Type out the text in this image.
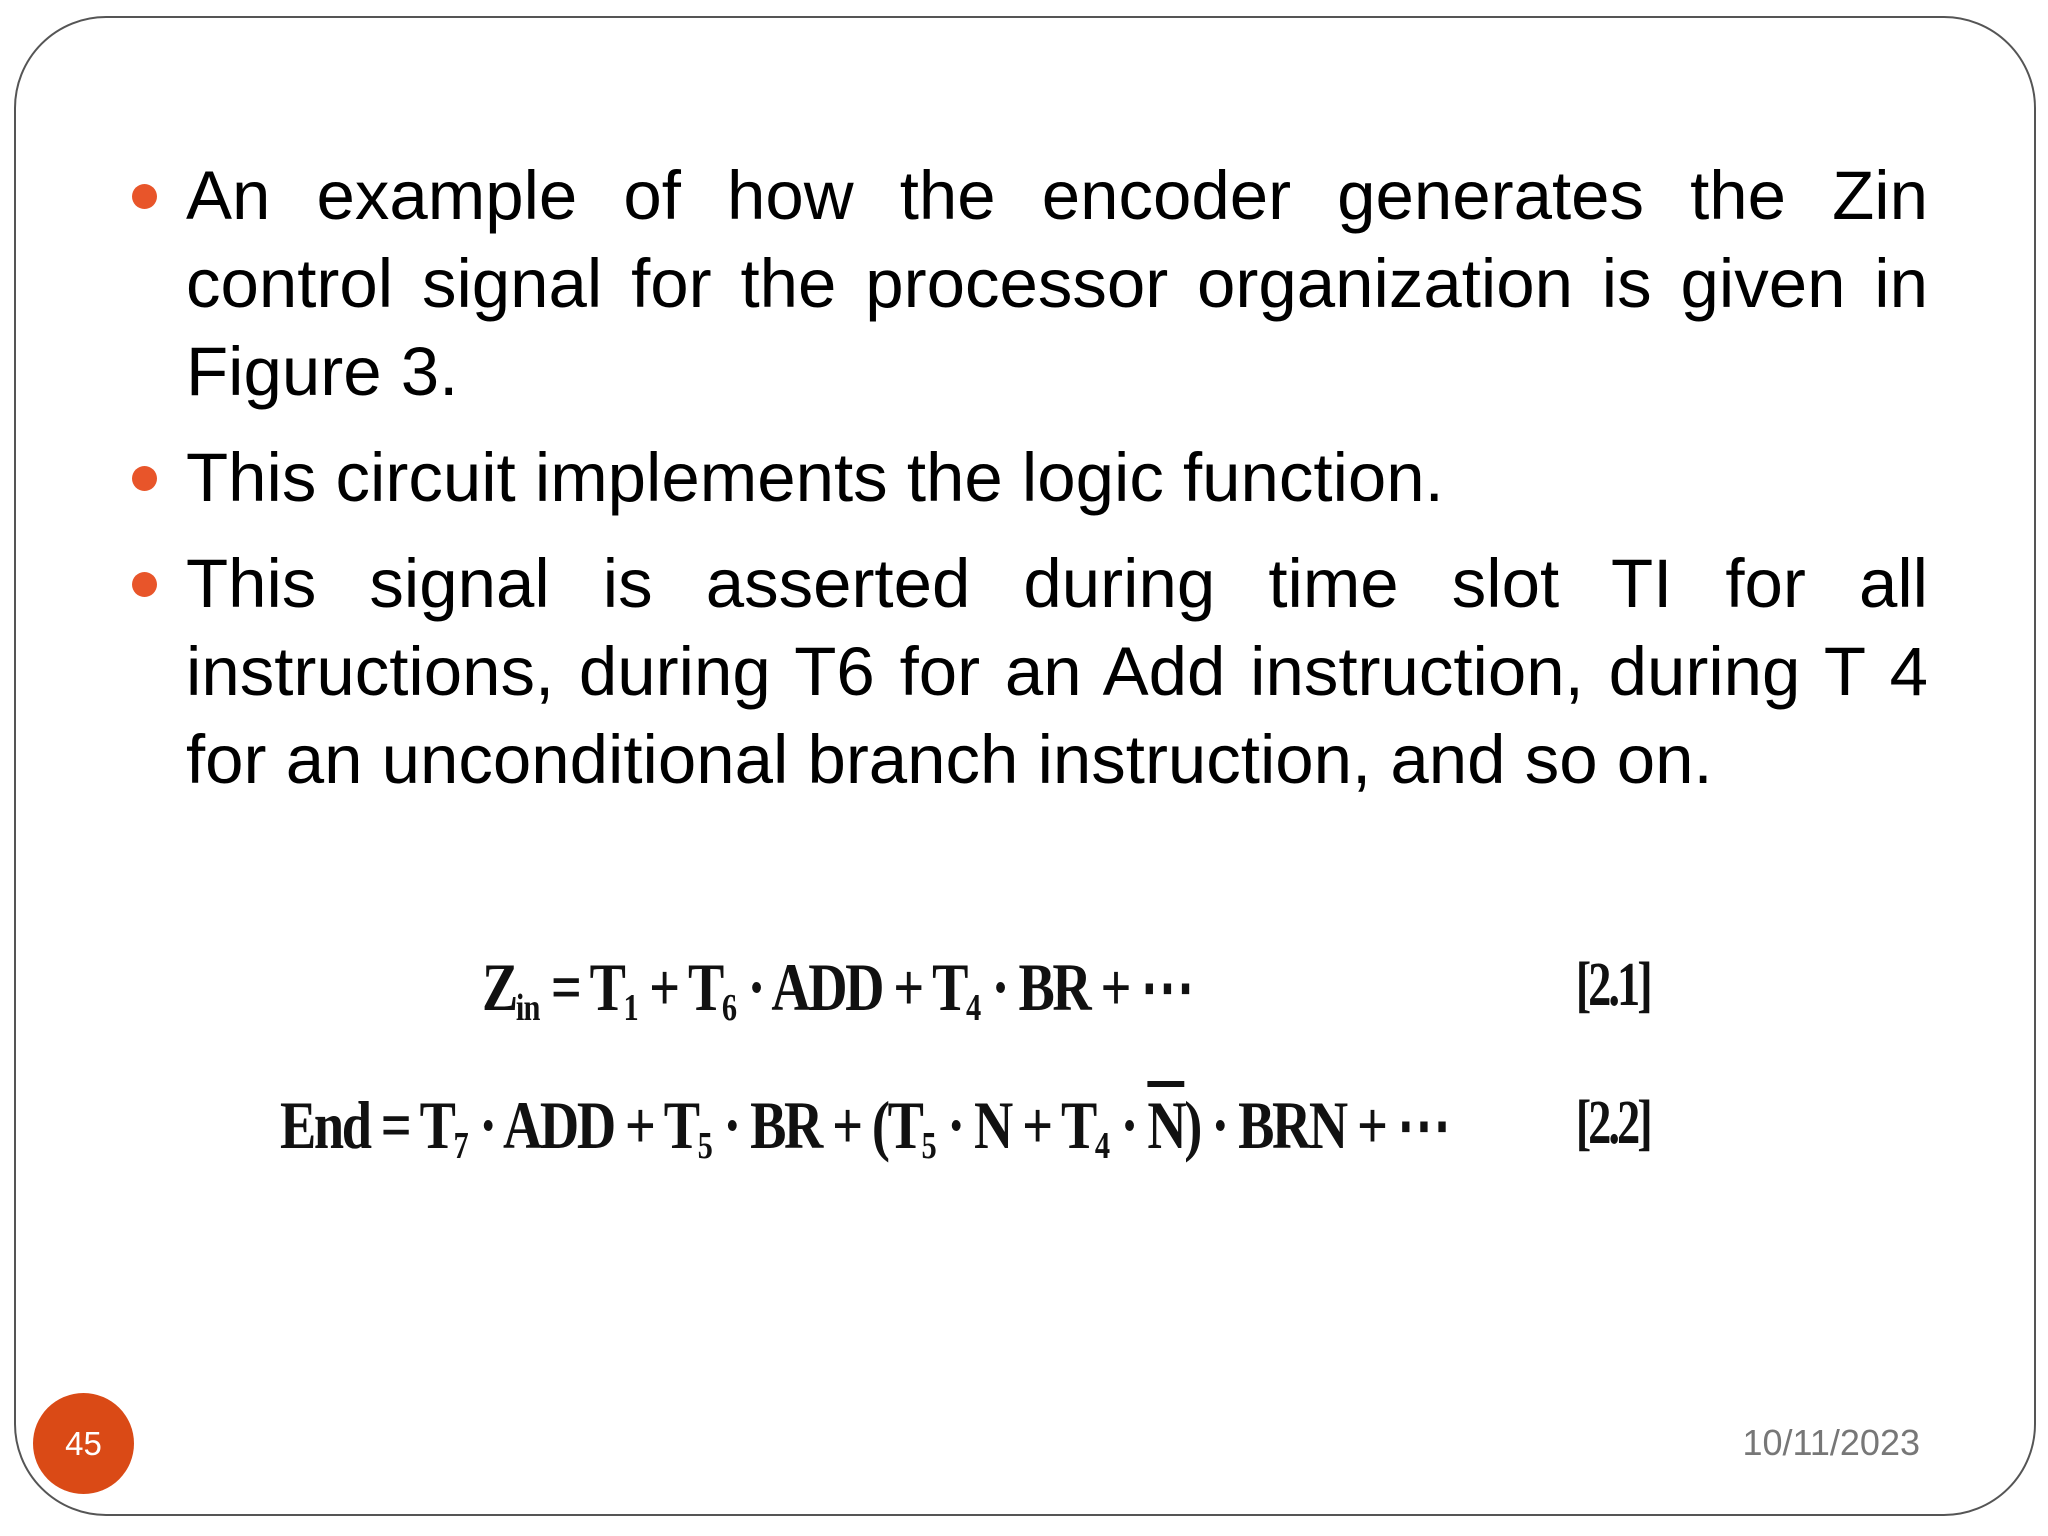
An example of how the encoder generates the Zin control signal for the processor organization is given in Figure 3.
This circuit implements the logic function.
This signal is asserted during time slot TI for all instructions, during T6 for an Add instruction, during T 4 for an unconditional branch instruction, and so on.
$Z_{in} = T_1 + T_6$ · ADD + $T_4$ · BR + ⋯	[2.1]
End = $T_7$ · ADD + $T_5$ · BR + $(T_5 \cdot N + T_4 \cdot \overline{N})$ · BRN + ⋯ [2.2]
45	10/11/2023
